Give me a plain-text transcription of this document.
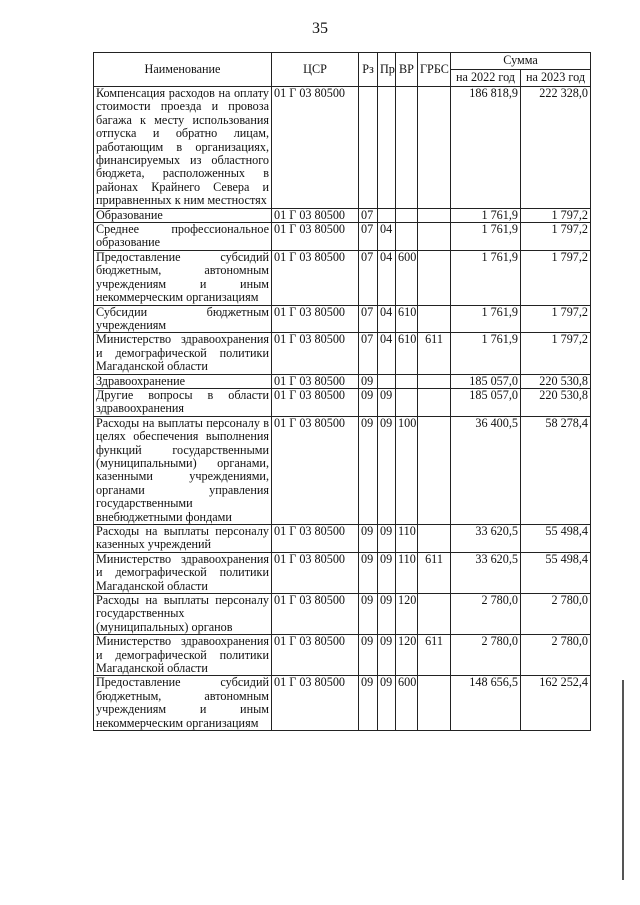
35
Наименование	ЦСР	Рз	Пр	ВР	ГРБС	Сумма	
						на 2022 год	на 2023 год
Компенсация расходов на оплату стоимости проезда и провоза багажа к месту использования отпуска и обратно лицам, работающим в организациях, финансируемых из областного бюджета, расположенных в районах Крайнего Севера и приравненных к ним местностях	01 Г 03 80500					186 818,9	222 328,0
Образование	01 Г 03 80500	07				1 761,9	1 797,2
Среднее профессиональное образование	01 Г 03 80500	07	04			1 761,9	1 797,2
Предоставление субсидий бюджетным, автономным учреждениям и иным некоммерческим организациям	01 Г 03 80500	07	04	600		1 761,9	1 797,2
Субсидии бюджетным учреждениям	01 Г 03 80500	07	04	610		1 761,9	1 797,2
Министерство здравоохранения и демографической политики Магаданской области	01 Г 03 80500	07	04	610	611	1 761,9	1 797,2
Здравоохранение	01 Г 03 80500	09				185 057,0	220 530,8
Другие вопросы в области здравоохранения	01 Г 03 80500	09	09			185 057,0	220 530,8
Расходы на выплаты персоналу в целях обеспечения выполнения функций государственными (муниципальными) органами, казенными учреждениями, органами управления государственными внебюджетными фондами	01 Г 03 80500	09	09	100		36 400,5	58 278,4
Расходы на выплаты персоналу казенных учреждений	01 Г 03 80500	09	09	110		33 620,5	55 498,4
Министерство здравоохранения и демографической политики Магаданской области	01 Г 03 80500	09	09	110	611	33 620,5	55 498,4
Расходы на выплаты персоналу государственных (муниципальных) органов	01 Г 03 80500	09	09	120		2 780,0	2 780,0
Министерство здравоохранения и демографической политики Магаданской области	01 Г 03 80500	09	09	120	611	2 780,0	2 780,0
Предоставление субсидий бюджетным, автономным учреждениям и иным некоммерческим организациям	01 Г 03 80500	09	09	600		148 656,5	162 252,4
